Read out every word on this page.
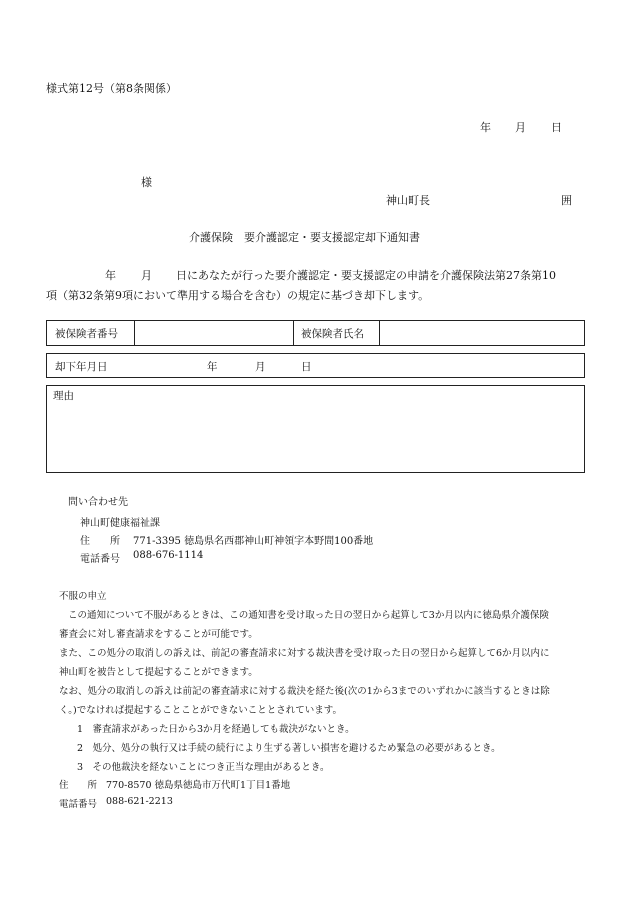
様式第12号（第8条関係）
年 月 日
様
神山町長	囲
介護保険　要介護認定・要支援認定却下通知書
年 月 日にあなたが行った要介護認定・要支援認定の申請を介護保険法第27条第10
項（第32条第9項において準用する場合を含む）の規定に基づき却下します。
被保険者番号	被保険者氏名
却下年月日	年	月	日
理由
問い合わせ先
神山町健康福祉課
住　　所 771-3395 徳島県名西郡神山町神領字本野間100番地
電話番号 088-676-1114
不服の申立
この通知について不服があるときは、この通知書を受け取った日の翌日から起算して3か月以内に徳島県介護保険
審査会に対し審査請求をすることが可能です。
また、この処分の取消しの訴えは、前記の審査請求に対する裁決書を受け取った日の翌日から起算して6か月以内に
神山町を被告として提起することができます。
なお、処分の取消しの訴えは前記の審査請求に対する裁決を経た後(次の1から3までのいずれかに該当するときは除
く。)でなければ提起することことができないこととされています。
1　審査請求があった日から3か月を経過しても裁決がないとき。
2　処分、処分の執行又は手続の続行により生ずる著しい損害を避けるため緊急の必要があるとき。
3　その他裁決を経ないことにつき正当な理由があるとき。
住　　所 770-8570 徳島県徳島市万代町1丁目1番地
電話番号 088-621-2213
